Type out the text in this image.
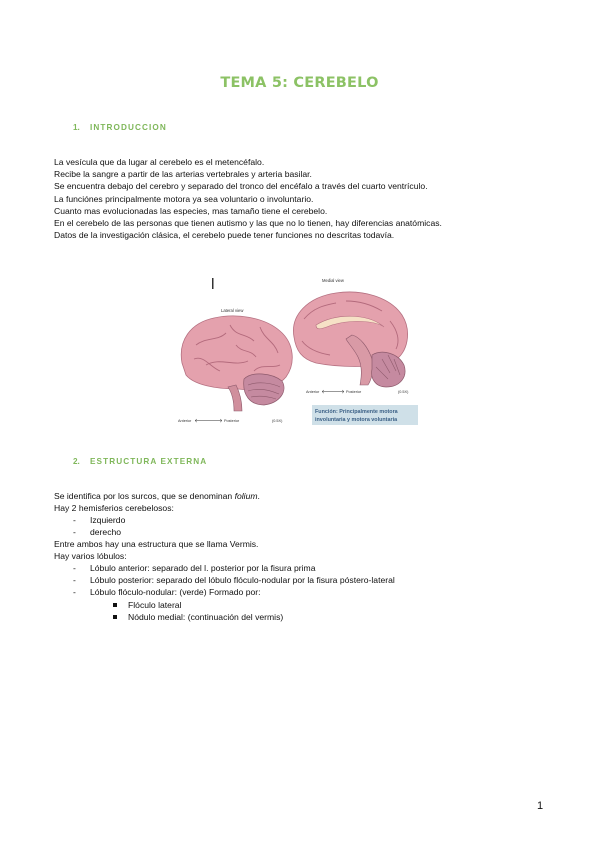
TEMA 5: CEREBELO
1. INTRODUCCION
La vesícula que da lugar al cerebelo es el metencéfalo.
Recibe la sangre a partir de las arterias vertebrales y arteria basilar.
Se encuentra debajo del cerebro y separado del tronco del encéfalo a través del cuarto ventrículo.
La funciónes principalmente motora ya sea voluntario o involuntario.
Cuanto mas evolucionadas las especies, mas tamaño tiene el cerebelo.
En el cerebelo de las personas que tienen autismo y las que no lo tienen, hay diferencias anatómicas.
Datos de la investigación clásica, el cerebelo puede tener funciones no descritas todavía.
Lateral view
Medial view
Anterior	Posterior	(0.5X)
Anterior	Posterior	(0.5X)
Función: Principalmente motora
involuntaria y motora voluntaria
2. ESTRUCTURA EXTERNA
Se identifica por los surcos, que se denominan folium.
Hay 2 hemisferios cerebelosos:
- Izquierdo
- derecho
Entre ambos hay una estructura que se llama Vermis.
Hay varios lóbulos:
- Lóbulo anterior: separado del l. posterior por la fisura prima
- Lóbulo posterior: separado del lóbulo flóculo-nodular por la fisura póstero-lateral
- Lóbulo flóculo-nodular: (verde) Formado por:
Flóculo lateral
Nódulo medial: (continuación del vermis)

1
